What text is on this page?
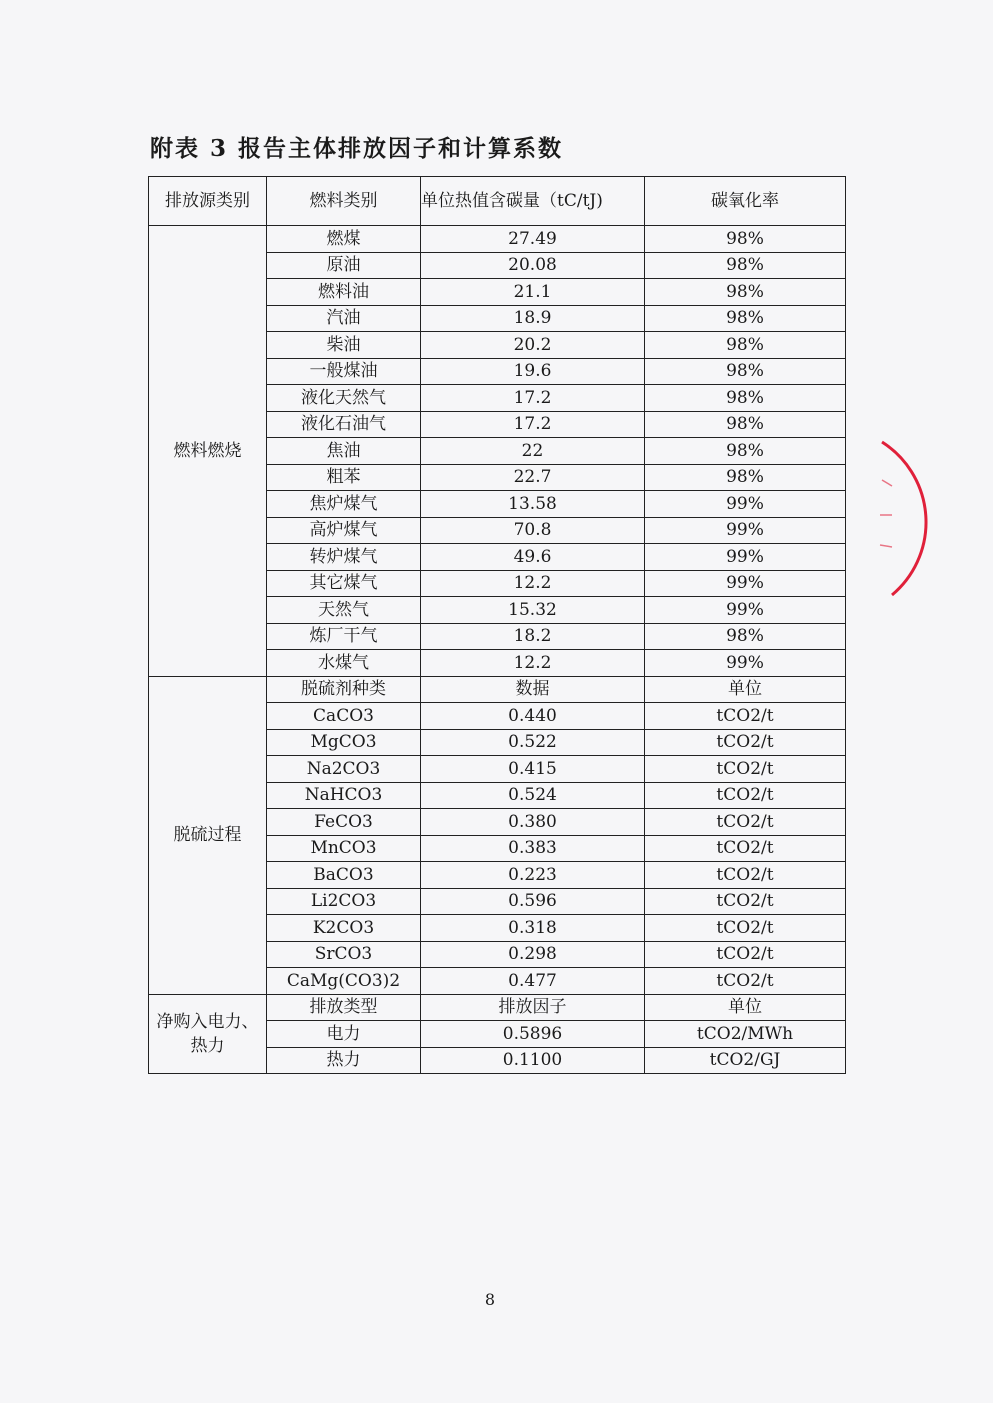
附表 3 报告主体排放因子和计算系数
排放源类别	燃料类别	单位热值含碳量（tC/tJ)	碳氧化率
燃料燃烧	燃煤	27.49	98%
	原油	20.08	98%
	燃料油	21.1	98%
	汽油	18.9	98%
	柴油	20.2	98%
	一般煤油	19.6	98%
	液化天然气	17.2	98%
	液化石油气	17.2	98%
	焦油	22	98%
	粗苯	22.7	98%
	焦炉煤气	13.58	99%
	高炉煤气	70.8	99%
	转炉煤气	49.6	99%
	其它煤气	12.2	99%
	天然气	15.32	99%
	炼厂干气	18.2	98%
	水煤气	12.2	99%
脱硫过程	脱硫剂种类	数据	单位
	CaCO3	0.440	tCO2/t
	MgCO3	0.522	tCO2/t
	Na2CO3	0.415	tCO2/t
	NaHCO3	0.524	tCO2/t
	FeCO3	0.380	tCO2/t
	MnCO3	0.383	tCO2/t
	BaCO3	0.223	tCO2/t
	Li2CO3	0.596	tCO2/t
	K2CO3	0.318	tCO2/t
	SrCO3	0.298	tCO2/t
	CaMg(CO3)2	0.477	tCO2/t
净购入电力、热力	排放类型	排放因子	单位
	电力	0.5896	tCO2/MWh
	热力	0.1100	tCO2/GJ
8
